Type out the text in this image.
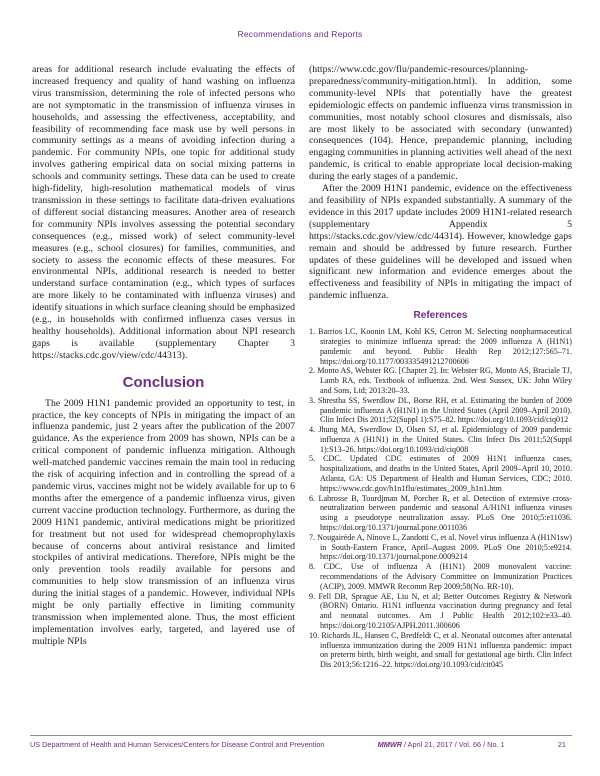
Recommendations and Reports

areas for additional research include evaluating the effects of increased frequency and quality of hand washing on influenza virus transmission, determining the role of infected persons who are not symptomatic in the transmission of influenza viruses in households, and assessing the effectiveness, acceptability, and feasibility of recommending face mask use by well persons in community settings as a means of avoiding infection during a pandemic. For community NPIs, one topic for additional study involves gathering empirical data on social mixing patterns in schools and community settings. These data can be used to create high-fidelity, high-resolution mathematical models of virus transmission in these settings to facilitate data-driven evaluations of different social distancing measures. Another area of research for community NPIs involves assessing the potential secondary consequences (e.g., missed work) of select community-level measures (e.g., school closures) for families, communities, and society to assess the economic effects of these measures. For environmental NPIs, additional research is needed to better understand surface contamination (e.g., which types of surfaces are more likely to be contaminated with influenza viruses) and identify situations in which surface cleaning should be emphasized (e.g., in households with confirmed influenza cases versus in healthy households). Additional information about NPI research gaps is available (supplementary Chapter 3 https://stacks.cdc.gov/view/cdc/44313).

Conclusion

The 2009 H1N1 pandemic provided an opportunity to test, in practice, the key concepts of NPIs in mitigating the impact of an influenza pandemic, just 2 years after the publication of the 2007 guidance. As the experience from 2009 has shown, NPIs can be a critical component of pandemic influenza mitigation. Although well-matched pandemic vaccines remain the main tool in reducing the risk of acquiring infection and in controlling the spread of a pandemic virus, vaccines might not be widely available for up to 6 months after the emergence of a pandemic influenza virus, given current vaccine production technology. Furthermore, as during the 2009 H1N1 pandemic, antiviral medications might be prioritized for treatment but not used for widespread chemoprophylaxis because of concerns about antiviral resistance and limited stockpiles of antiviral medications. Therefore, NPIs might be the only prevention tools readily available for persons and communities to help slow transmission of an influenza virus during the initial stages of a pandemic. However, individual NPIs might be only partially effective in limiting community transmission when implemented alone. Thus, the most efficient implementation involves early, targeted, and layered use of multiple NPIs

(https://www.cdc.gov/flu/pandemic-resources/planning-preparedness/community-mitigation.html). In addition, some community-level NPIs that potentially have the greatest epidemiologic effects on pandemic influenza virus transmission in communities, most notably school closures and dismissals, also are most likely to be associated with secondary (unwanted) consequences (104). Hence, prepandemic planning, including engaging communities in planning activities well ahead of the next pandemic, is critical to enable appropriate local decision-making during the early stages of a pandemic.

After the 2009 H1N1 pandemic, evidence on the effectiveness and feasibility of NPIs expanded substantially. A summary of the evidence in this 2017 update includes 2009 H1N1-related research (supplementary Appendix 5 https://stacks.cdc.gov/view/cdc/44314). However, knowledge gaps remain and should be addressed by future research. Further updates of these guidelines will be developed and issued when significant new information and evidence emerges about the effectiveness and feasibility of NPIs in mitigating the impact of pandemic influenza.

References
1. Barrios LC, Koonin LM, Kohl KS, Cetron M. Selecting nonpharmaceutical strategies to minimize influenza spread: the 2009 influenza A (H1N1) pandemic and beyond. Public Health Rep 2012;127:565–71. https://doi.org/10.1177/003335491212700606
2. Monto AS, Webster RG. [Chapter 2]. In: Webster RG, Monto AS, Braciale TJ, Lamb RA, eds. Textbook of influenza. 2nd. West Sussex, UK: John Wiley and Sons, Ltd; 2013:20–33.
3. Shrestha SS, Swerdlow DL, Borse RH, et al. Estimating the burden of 2009 pandemic influenza A (H1N1) in the United States (April 2009–April 2010). Clin Infect Dis 2011;52(Suppl 1):S75–82. https://doi.org/10.1093/cid/ciq012
4. Jhung MA, Swerdlow D, Olsen SJ, et al. Epidemiology of 2009 pandemic influenza A (H1N1) in the United States. Clin Infect Dis 2011;52(Suppl 1):S13–26. https://doi.org/10.1093/cid/ciq008
5. CDC. Updated CDC estimates of 2009 H1N1 influenza cases, hospitalizations, and deaths in the United States, April 2009–April 10, 2010. Atlanta, GA: US Department of Health and Human Services, CDC; 2010. https://www.cdc.gov/h1n1flu/estimates_2009_h1n1.htm
6. Labrosse B, Tourdjman M, Porcher R, et al. Detection of extensive cross-neutralization between pandemic and seasonal A/H1N1 influenza viruses using a pseudotype neutralization assay. PLoS One 2010;5:e11036. https://doi.org/10.1371/journal.pone.0011036
7. Nougairède A, Ninove L, Zandotti C, et al. Novel virus influenza A (H1N1sw) in South-Eastern France, April–August 2009. PLoS One 2010;5:e9214. https://doi.org/10.1371/journal.pone.0009214
8. CDC. Use of influenza A (H1N1) 2009 monovalent vaccine: recommendations of the Advisory Committee on Immunization Practices (ACIP), 2009. MMWR Recomm Rep 2009;58(No. RR-10).
9. Fell DB, Sprague AE, Liu N, et al; Better Outcomes Registry & Network (BORN) Ontario. H1N1 influenza vaccination during pregnancy and fetal and neonatal outcomes. Am J Public Health 2012;102:e33–40. https://doi.org/10.2105/AJPH.2011.300606
10. Richards JL, Hansen C, Bredfeldt C, et al. Neonatal outcomes after antenatal influenza immunization during the 2009 H1N1 influenza pandemic: impact on preterm birth, birth weight, and small for gestational age birth. Clin Infect Dis 2013;56:1216–22. https://doi.org/10.1093/cid/cit045
US Department of Health and Human Services/Centers for Disease Control and Prevention	MMWR / April 21, 2017 / Vol. 66 / No. 1	21
